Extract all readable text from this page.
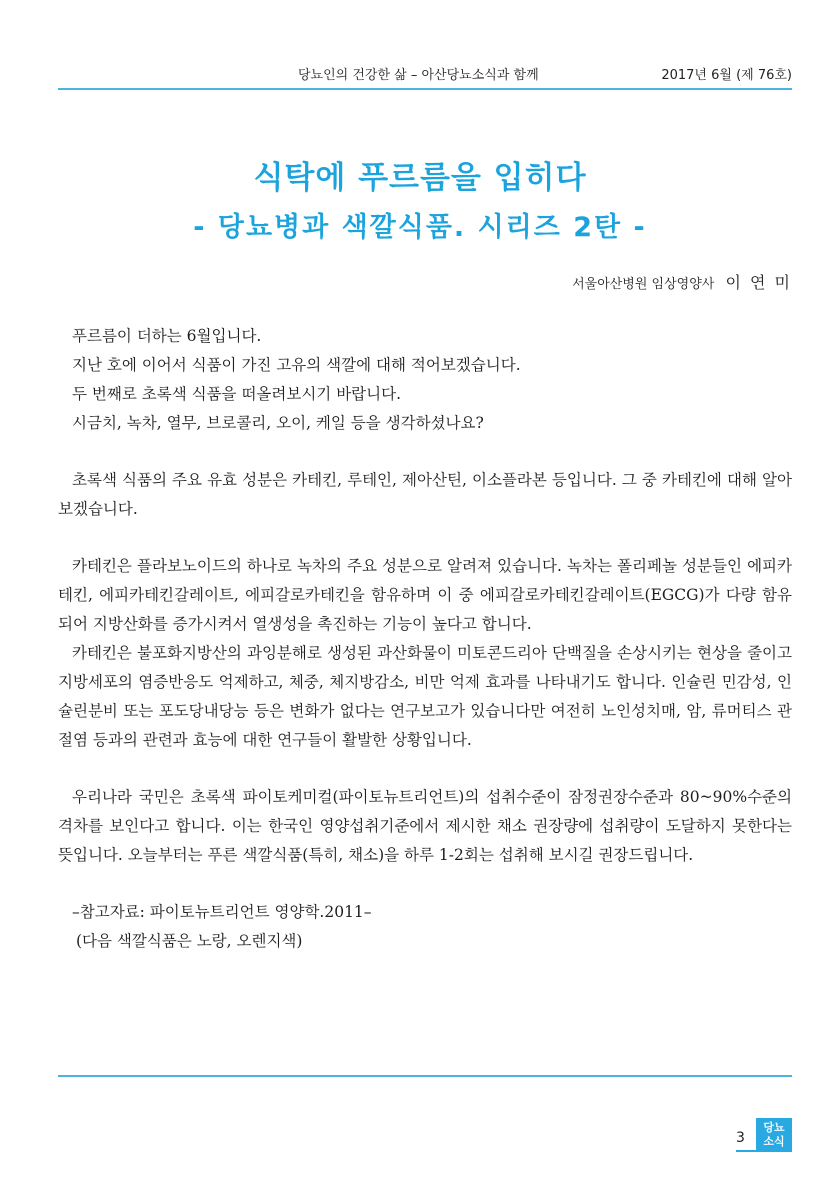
당뇨인의 건강한 삶 – 아산당뇨소식과 함께	2017년 6월 (제 76호)
식탁에 푸르름을 입히다
- 당뇨병과 색깔식품. 시리즈 2탄 -
서울아산병원 임상영양사 이 연 미

푸르름이 더하는 6월입니다.

지난 호에 이어서 식품이 가진 고유의 색깔에 대해 적어보겠습니다.

두 번째로 초록색 식품을 떠올려보시기 바랍니다.

시금치, 녹차, 열무, 브로콜리, 오이, 케일 등을 생각하셨나요?

초록색 식품의 주요 유효 성분은 카테킨, 루테인, 제아산틴, 이소플라본 등입니다. 그 중 카테킨에 대해 알아보겠습니다.

카테킨은 플라보노이드의 하나로 녹차의 주요 성분으로 알려져 있습니다. 녹차는 폴리페놀 성분들인 에피카테킨, 에피카테킨갈레이트, 에피갈로카테킨을 함유하며 이 중 에피갈로카테킨갈레이트(EGCG)가 다량 함유되어 지방산화를 증가시켜서 열생성을 촉진하는 기능이 높다고 합니다.

카테킨은 불포화지방산의 과잉분해로 생성된 과산화물이 미토콘드리아 단백질을 손상시키는 현상을 줄이고 지방세포의 염증반응도 억제하고, 체중, 체지방감소, 비만 억제 효과를 나타내기도 합니다. 인슐린 민감성, 인슐린분비 또는 포도당내당능 등은 변화가 없다는 연구보고가 있습니다만 여전히 노인성치매, 암, 류머티스 관절염 등과의 관련과 효능에 대한 연구들이 활발한 상황입니다.

우리나라 국민은 초록색 파이토케미컬(파이토뉴트리언트)의 섭취수준이 잠정권장수준과 80~90%수준의 격차를 보인다고 합니다. 이는 한국인 영양섭취기준에서 제시한 채소 권장량에 섭취량이 도달하지 못한다는 뜻입니다. 오늘부터는 푸른 색깔식품(특히, 채소)을 하루 1-2회는 섭취해 보시길 권장드립니다.

–참고자료: 파이토뉴트리언트 영양학.2011–

(다음 색깔식품은 노랑, 오렌지색)

3
당뇨
소식
